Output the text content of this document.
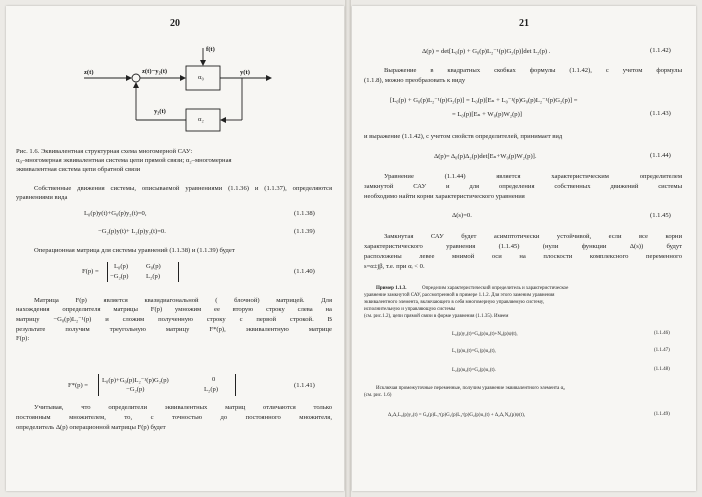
20
f(t)
z(t)	z(t)−y₂(t)	y(t)
y₂(t)
α₀
α₂
Рис. 1.6. Эквивалентная структурная схема многомерной САУ:
α₀–многомерная эквивалентная система цепи прямой связи; α₂–многомерная
эквивалентная система цепи обратной связи
Собственные движения системы, описываемой уравнениями (1.1.36) и (1.1.37), определяются уравнениями вида
L₀(p)y(t)+G₀(p)y₂(t)=0,	(1.1.38)
−G₂(p)y(t)+ L₂(p)y₂(t)=0.	(1.1.39)
Операционная матрица для системы уравнений (1.1.38) и (1.1.39) будет
F(p) =
L₀(p)	G₀(p)
−G₂(p)	L₂(p)
(1.1.40)
Матрица F(p) является квазидиагональной ( блочной) матрицей. Для
нахождения определителя матрицы F(p) умножим ее вторую строку слева на
матрицу −G₀(p)L₂⁻¹(p) и сложим полученную строку с первой строкой. В
результате получим треугольную матрицу F*(p), эквивалентную матрице
F(p):
F*(p) =
L₀(p)+G₀(p)L₂⁻¹(p)G₂(p)	0
−G₂(p)	L₂(p)
(1.1.41)
Учитывая, что определители эквивалентных матриц отличаются только
постоянным множителем, то, с точностью до постоянного множителя,
определитель Δ(p) операционной матрицы F(p) будет
21
Δ(p) = det[L₀(p) + G₀(p)L₂⁻¹(p)G₂(p)]det L₂(p) .	(1.1.42)
Выражение в квадратных скобках формулы (1.1.42), с учетом формулы
(1.1.8), можно преобразовать к виду
[L₀(p) + G₀(p)L₂⁻¹(p)G₂(p)] = L₀(p)[Eₙ + L₀⁻¹(p)G₀(p)L₂⁻¹(p)G₂(p)] =
= L₀(p)[Eₙ + W₀(p)W₂(p)]	(1.1.43)
и выражение (1.1.42), с учетом свойств определителей, принимает вид
Δ(p)= Δ₀(p)Δ₂(p)det[Eₙ+W₀(p)W₂(p)].	(1.1.44)
Уравнение (1.1.44) является характеристическим определителем
замкнутой САУ и для определения собственных движений системы
необходимо найти корни характеристического уравнения
Δ(s)=0.	(1.1.45)
Замкнутая САУ будет асимптотически устойчивой, если все корни
характеристического уравнения (1.1.45) (нули функции Δ(s)) будут
расположены левее мнимой оси на плоскости комплексного переменного
s=α±jβ, т.е. при αᵢ < 0.
Пример 1.1.3.	Определим характеристический определитель и характеристическое
уравнение замкнутой САУ, рассмотренной в примере 1.1.2. Для этого заменим уравнения
эквивалентного элемента, включающего в себя многомерную управляемую систему,
исполнительную и управляющую системы
(см. рис.1.2), цепи прямой связи в форме уравнения (1.1.35). Имеем
L₀(p)y₂(t)=G₀(p)u₂(t)+N₀(p)ψ(t),	(1.1.46)
L₁(p)u₁(t)=G₁(p)u₂(t),	(1.1.47)
L₂(p)u₂(t)=G₂(p)u₁(t).	(1.1.48)
Исключая промежуточные переменные, получим уравнение эквивалентного элемента α₀
(см. рис. 1.6)
Δ₂Δ₁L₀(p)y₂(t) = G₀(p)L₁ᵛ(p)G₁(p)L₂ᵛ(p)G₂(p)u₁(t) + Δ₂Δ₁N₀(p)ψ(t),	(1.1.49)
